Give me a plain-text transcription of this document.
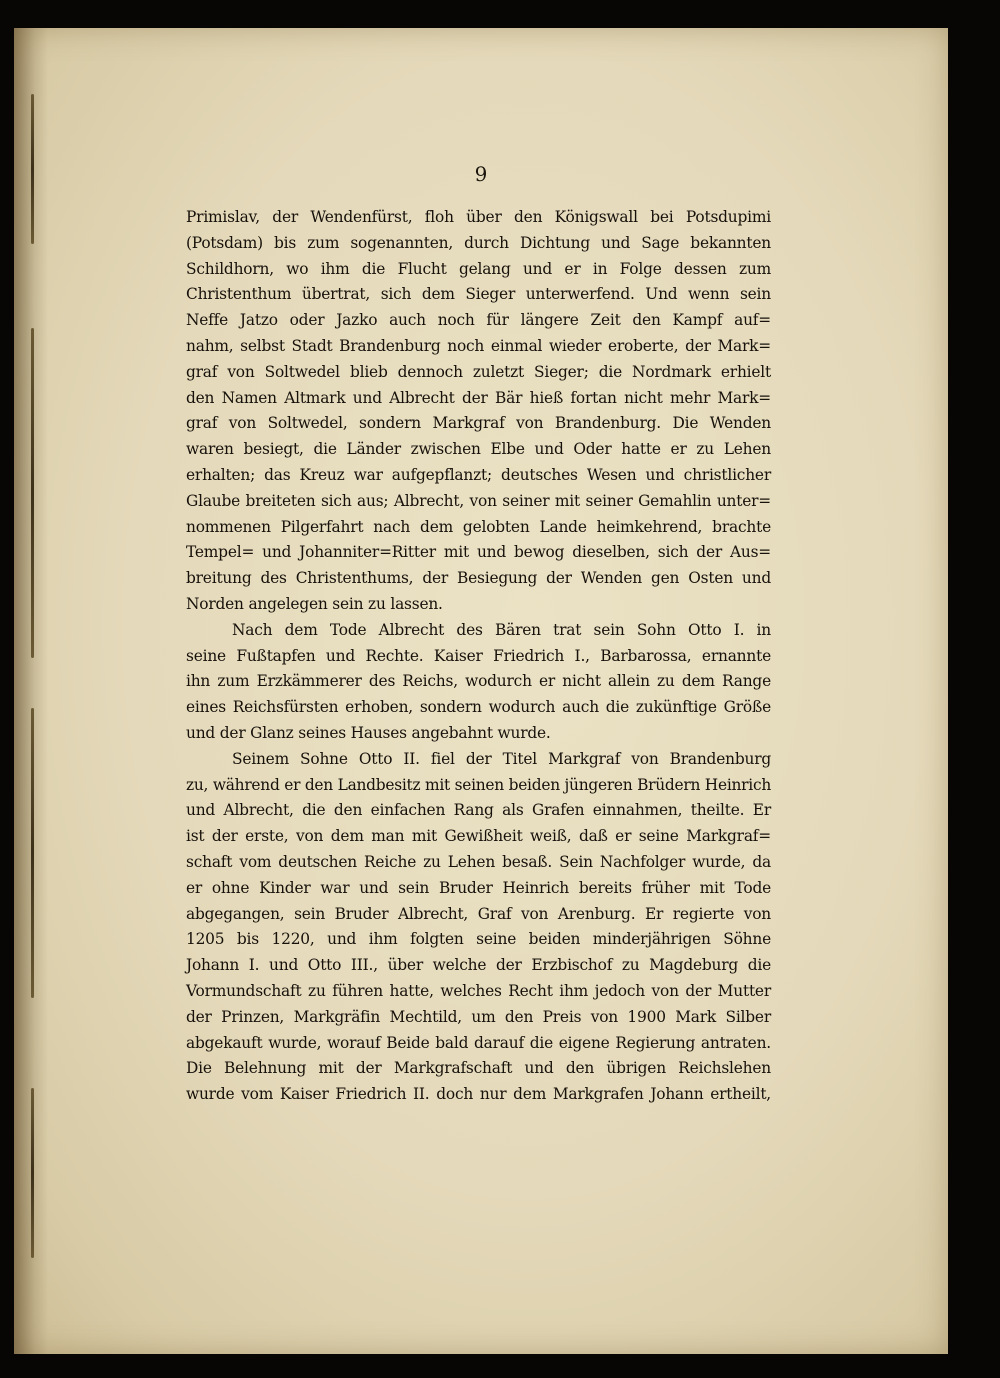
9
Primislav, der Wendenfürst, floh über den Königswall bei Potsdupimi
(Potsdam) bis zum sogenannten, durch Dichtung und Sage bekannten
Schildhorn, wo ihm die Flucht gelang und er in Folge dessen zum
Christenthum übertrat, sich dem Sieger unterwerfend. Und wenn sein
Neffe Jatzo oder Jazko auch noch für längere Zeit den Kampf auf=
nahm, selbst Stadt Brandenburg noch einmal wieder eroberte, der Mark=
graf von Soltwedel blieb dennoch zuletzt Sieger; die Nordmark erhielt
den Namen Altmark und Albrecht der Bär hieß fortan nicht mehr Mark=
graf von Soltwedel, sondern Markgraf von Brandenburg. Die Wenden
waren besiegt, die Länder zwischen Elbe und Oder hatte er zu Lehen
erhalten; das Kreuz war aufgepflanzt; deutsches Wesen und christlicher
Glaube breiteten sich aus; Albrecht, von seiner mit seiner Gemahlin unter=
nommenen Pilgerfahrt nach dem gelobten Lande heimkehrend, brachte
Tempel= und Johanniter=Ritter mit und bewog dieselben, sich der Aus=
breitung des Christenthums, der Besiegung der Wenden gen Osten und
Norden angelegen sein zu lassen.
Nach dem Tode Albrecht des Bären trat sein Sohn Otto I. in
seine Fußtapfen und Rechte. Kaiser Friedrich I., Barbarossa, ernannte
ihn zum Erzkämmerer des Reichs, wodurch er nicht allein zu dem Range
eines Reichsfürsten erhoben, sondern wodurch auch die zukünftige Größe
und der Glanz seines Hauses angebahnt wurde.
Seinem Sohne Otto II. fiel der Titel Markgraf von Brandenburg
zu, während er den Landbesitz mit seinen beiden jüngeren Brüdern Heinrich
und Albrecht, die den einfachen Rang als Grafen einnahmen, theilte. Er
ist der erste, von dem man mit Gewißheit weiß, daß er seine Markgraf=
schaft vom deutschen Reiche zu Lehen besaß. Sein Nachfolger wurde, da
er ohne Kinder war und sein Bruder Heinrich bereits früher mit Tode
abgegangen, sein Bruder Albrecht, Graf von Arenburg. Er regierte von
1205 bis 1220, und ihm folgten seine beiden minderjährigen Söhne
Johann I. und Otto III., über welche der Erzbischof zu Magdeburg die
Vormundschaft zu führen hatte, welches Recht ihm jedoch von der Mutter
der Prinzen, Markgräfin Mechtild, um den Preis von 1900 Mark Silber
abgekauft wurde, worauf Beide bald darauf die eigene Regierung antraten.
Die Belehnung mit der Markgrafschaft und den übrigen Reichslehen
wurde vom Kaiser Friedrich II. doch nur dem Markgrafen Johann ertheilt,
